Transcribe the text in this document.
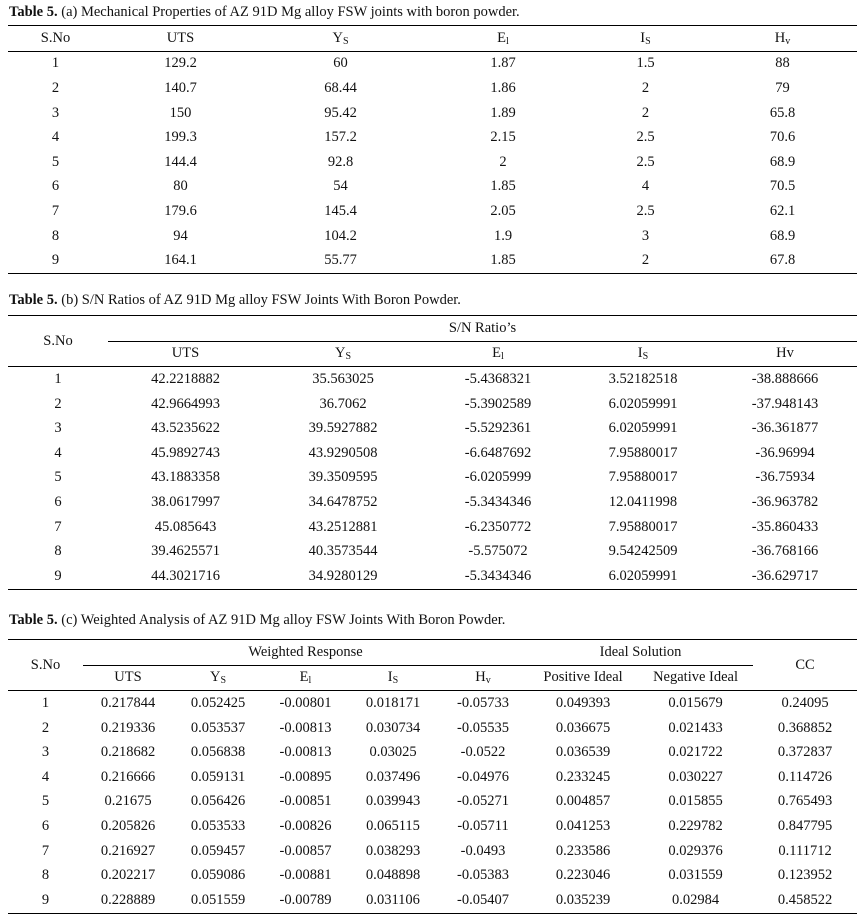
Table 5. (a) Mechanical Properties of AZ 91D Mg alloy FSW joints with boron powder.
S.No	UTS	$Y_S$	$E_l$	$I_S$	$H_v$
1	129.2	60	1.87	1.5	88
2	140.7	68.44	1.86	2	79
3	150	95.42	1.89	2	65.8
4	199.3	157.2	2.15	2.5	70.6
5	144.4	92.8	2	2.5	68.9
6	80	54	1.85	4	70.5
7	179.6	145.4	2.05	2.5	62.1
8	94	104.2	1.9	3	68.9
9	164.1	55.77	1.85	2	67.8
Table 5. (b) S/N Ratios of AZ 91D Mg alloy FSW Joints With Boron Powder.
S.No	S/N Ratio’s				
	UTS	$Y_S$	$E_l$	$I_S$	Hv
1	42.2218882	35.563025	-5.4368321	3.52182518	-38.888666
2	42.9664993	36.7062	-5.3902589	6.02059991	-37.948143
3	43.5235622	39.5927882	-5.5292361	6.02059991	-36.361877
4	45.9892743	43.9290508	-6.6487692	7.95880017	-36.96994
5	43.1883358	39.3509595	-6.0205999	7.95880017	-36.75934
6	38.0617997	34.6478752	-5.3434346	12.0411998	-36.963782
7	45.085643	43.2512881	-6.2350772	7.95880017	-35.860433
8	39.4625571	40.3573544	-5.575072	9.54242509	-36.768166
9	44.3021716	34.9280129	-5.3434346	6.02059991	-36.629717
Table 5. (c) Weighted Analysis of AZ 91D Mg alloy FSW Joints With Boron Powder.
S.No	Weighted Response					Ideal Solution		CC
	UTS	$Y_S$	$E_l$	$I_S$	$H_v$	Positive Ideal	Negative Ideal	
1	0.217844	0.052425	-0.00801	0.018171	-0.05733	0.049393	0.015679	0.24095
2	0.219336	0.053537	-0.00813	0.030734	-0.05535	0.036675	0.021433	0.368852
3	0.218682	0.056838	-0.00813	0.03025	-0.0522	0.036539	0.021722	0.372837
4	0.216666	0.059131	-0.00895	0.037496	-0.04976	0.233245	0.030227	0.114726
5	0.21675	0.056426	-0.00851	0.039943	-0.05271	0.004857	0.015855	0.765493
6	0.205826	0.053533	-0.00826	0.065115	-0.05711	0.041253	0.229782	0.847795
7	0.216927	0.059457	-0.00857	0.038293	-0.0493	0.233586	0.029376	0.111712
8	0.202217	0.059086	-0.00881	0.048898	-0.05383	0.223046	0.031559	0.123952
9	0.228889	0.051559	-0.00789	0.031106	-0.05407	0.035239	0.02984	0.458522
